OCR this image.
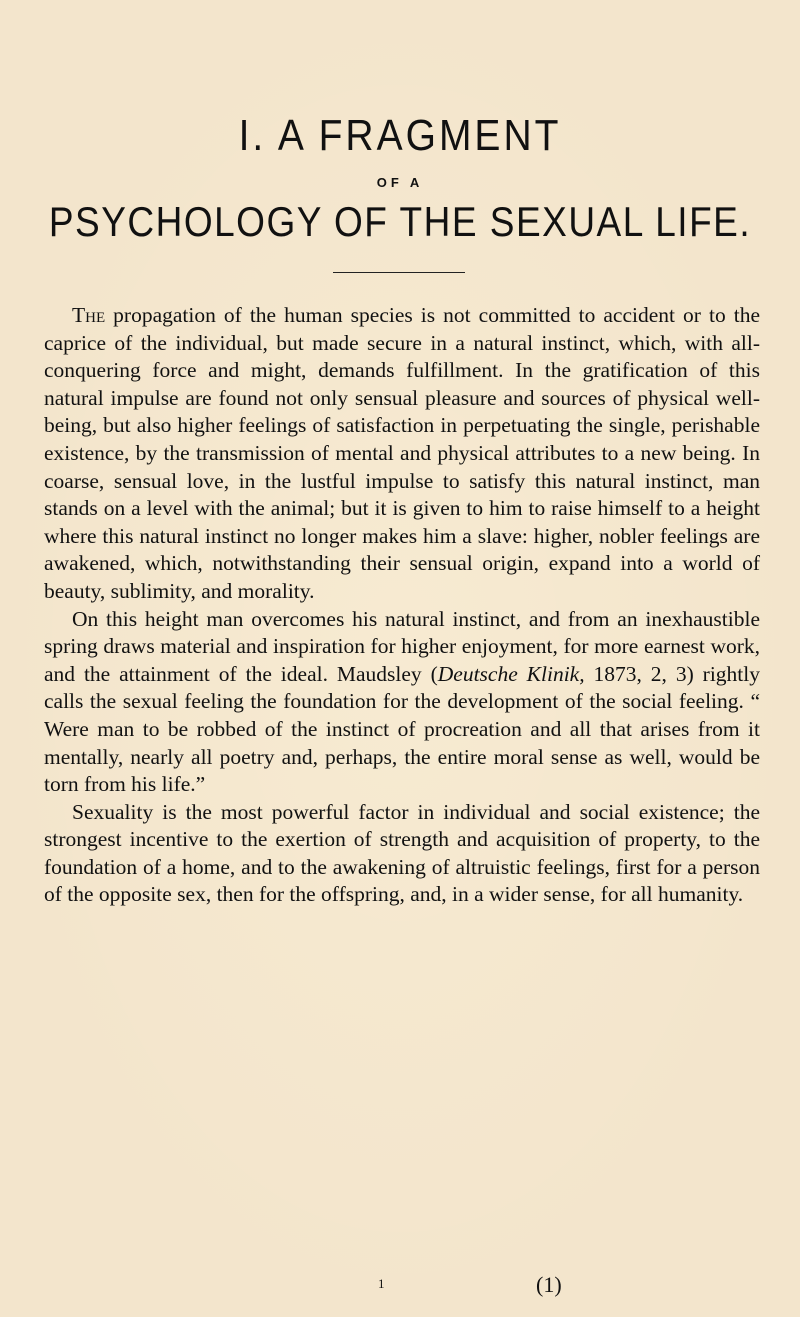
I. A FRAGMENT
OF A
PSYCHOLOGY OF THE SEXUAL LIFE.

The propagation of the human species is not committed to accident or to the caprice of the individual, but made secure in a natural instinct, which, with all-conquering force and might, demands fulfillment. In the gratification of this natural impulse are found not only sensual pleasure and sources of physical well-being, but also higher feelings of satisfaction in perpetuating the single, perishable existence, by the transmission of mental and physical attributes to a new being. In coarse, sensual love, in the lustful impulse to satisfy this natural instinct, man stands on a level with the animal; but it is given to him to raise himself to a height where this natural instinct no longer makes him a slave: higher, nobler feelings are awakened, which, notwithstanding their sensual origin, expand into a world of beauty, sublimity, and morality.

On this height man overcomes his natural instinct, and from an inexhaustible spring draws material and inspiration for higher enjoyment, for more earnest work, and the attainment of the ideal. Maudsley (Deutsche Klinik, 1873, 2, 3) rightly calls the sexual feeling the foundation for the development of the social feeling. “ Were man to be robbed of the instinct of procreation and all that arises from it mentally, nearly all poetry and, perhaps, the entire moral sense as well, would be torn from his life.”

Sexuality is the most powerful factor in individual and social existence; the strongest incentive to the exertion of strength and acquisition of property, to the foundation of a home, and to the awakening of altruistic feelings, first for a person of the opposite sex, then for the offspring, and, in a wider sense, for all humanity.

1	(1)
